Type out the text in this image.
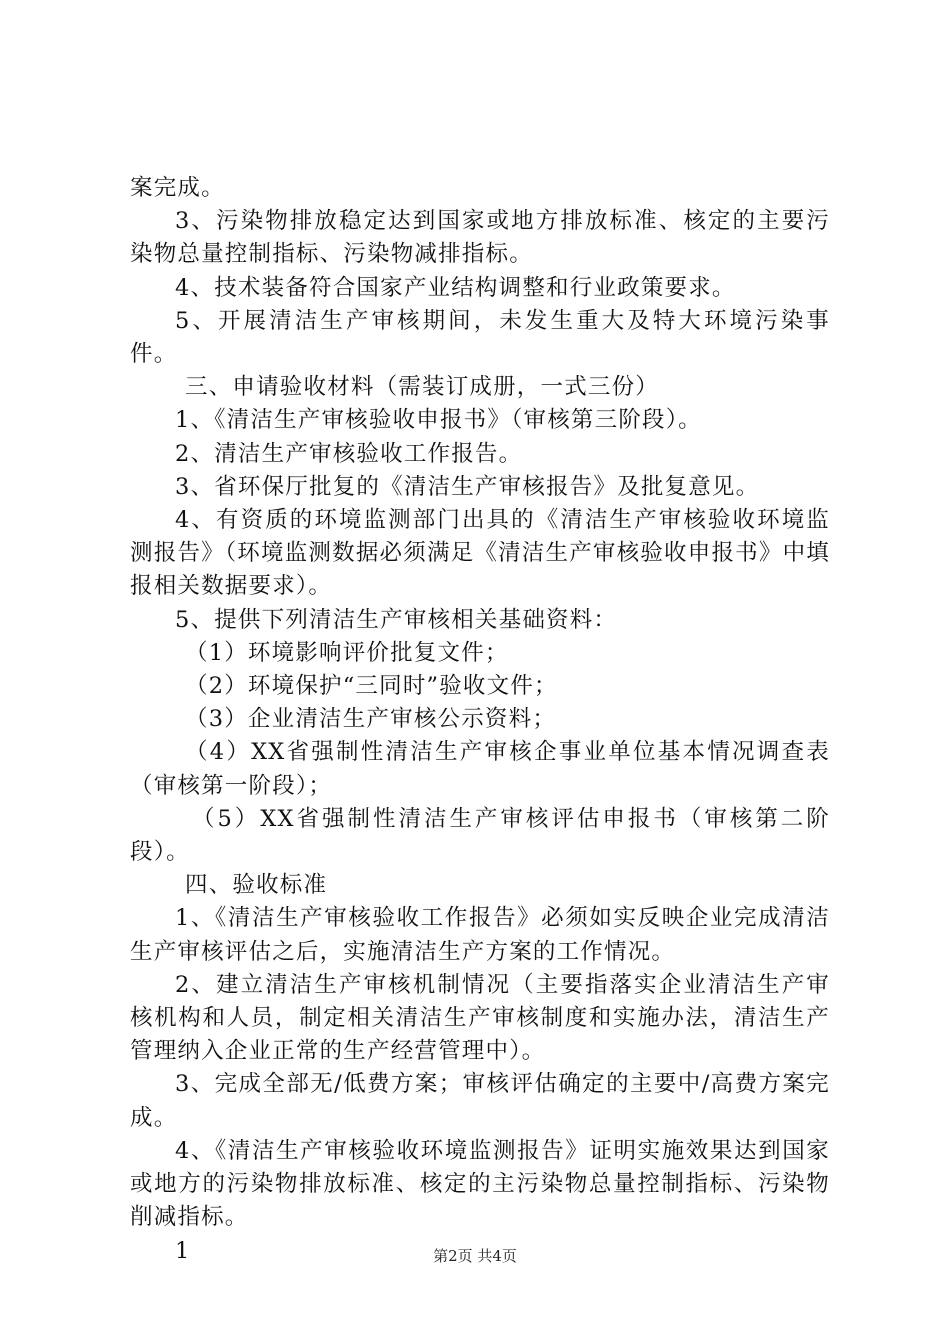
案完成。

3、污染物排放稳定达到国家或地方排放标准、核定的主要污染物总量控制指标、污染物减排指标。

4、技术装备符合国家产业结构调整和行业政策要求。

5、开展清洁生产审核期间，未发生重大及特大环境污染事件。

三、申请验收材料（需装订成册，一式三份）

1、《清洁生产审核验收申报书》（审核第三阶段）。

2、清洁生产审核验收工作报告。

3、省环保厅批复的《清洁生产审核报告》及批复意见。

4、有资质的环境监测部门出具的《清洁生产审核验收环境监测报告》（环境监测数据必须满足《清洁生产审核验收申报书》中填报相关数据要求）。

5、提供下列清洁生产审核相关基础资料：

（1）环境影响评价批复文件；

（2）环境保护“三同时”验收文件；

（3）企业清洁生产审核公示资料；

（4）XX省强制性清洁生产审核企事业单位基本情况调查表（审核第一阶段）；

（5）XX省强制性清洁生产审核评估申报书（审核第二阶段）。

四、验收标准

1、《清洁生产审核验收工作报告》必须如实反映企业完成清洁生产审核评估之后，实施清洁生产方案的工作情况。

2、建立清洁生产审核机制情况（主要指落实企业清洁生产审核机构和人员，制定相关清洁生产审核制度和实施办法，清洁生产管理纳入企业正常的生产经营管理中）。

3、完成全部无/低费方案；审核评估确定的主要中/高费方案完成。

4、《清洁生产审核验收环境监测报告》证明实施效果达到国家或地方的污染物排放标准、核定的主污染物总量控制指标、污染物削减指标。

1	第2页 共4页
